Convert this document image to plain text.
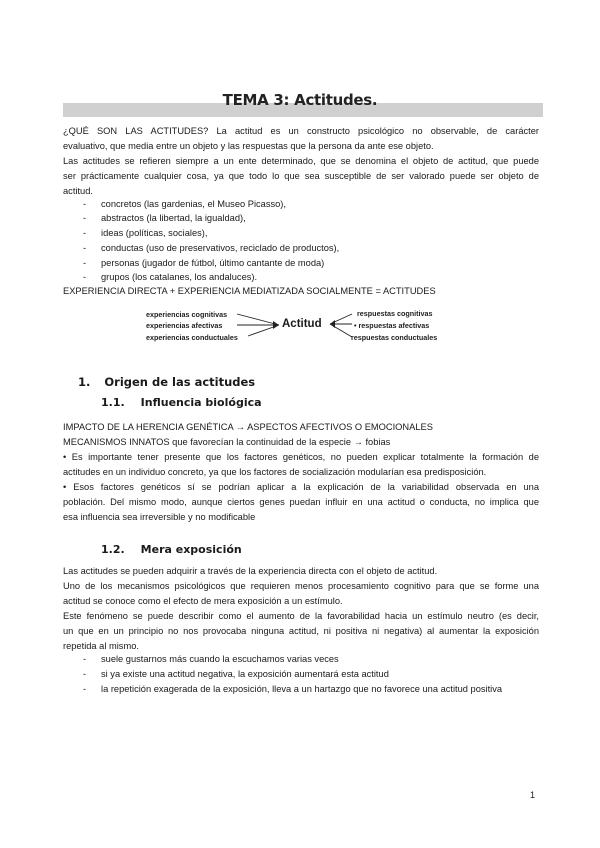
TEMA 3: Actitudes.
¿QUÉ SON LAS ACTITUDES? La actitud es un constructo psicológico no observable, de carácter
evaluativo, que media entre un objeto y las respuestas que la persona da ante ese objeto.
Las actitudes se refieren siempre a un ente determinado, que se denomina el objeto de actitud, que puede
ser prácticamente cualquier cosa, ya que todo lo que sea susceptible de ser valorado puede ser objeto de
actitud.
- concretos (las gardenias, el Museo Picasso),
- abstractos (la libertad, la igualdad),
- ideas (políticas, sociales),
- conductas (uso de preservativos, reciclado de productos),
- personas (jugador de fútbol, último cantante de moda)
- grupos (los catalanes, los andaluces).
EXPERIENCIA DIRECTA + EXPERIENCIA MEDIATIZADA SOCIALMENTE = ACTITUDES
experiencias cognitivas
experiencias afectivas
experiencias conductuales
Actitud
respuestas cognitivas
• respuestas afectivas
respuestas conductuales
1. Origen de las actitudes
1.1. Influencia biológica
IMPACTO DE LA HERENCIA GENÉTICA → ASPECTOS AFECTIVOS O EMOCIONALES
MECANISMOS INNATOS que favorecían la continuidad de la especie → fobias
• Es importante tener presente que los factores genéticos, no pueden explicar totalmente la formación de
actitudes en un individuo concreto, ya que los factores de socialización modularían esa predisposición.
• Esos factores genéticos sí se podrían aplicar a la explicación de la variabilidad observada en una
población. Del mismo modo, aunque ciertos genes puedan influir en una actitud o conducta, no implica que
esa influencia sea irreversible y no modificable
1.2. Mera exposición
Las actitudes se pueden adquirir a través de la experiencia directa con el objeto de actitud.
Uno de los mecanismos psicológicos que requieren menos procesamiento cognitivo para que se forme una
actitud se conoce como el efecto de mera exposición a un estímulo.
Este fenómeno se puede describir como el aumento de la favorabilidad hacia un estímulo neutro (es decir,
un que en un principio no nos provocaba ninguna actitud, ni positiva ni negativa) al aumentar la exposición
repetida al mismo.
- suele gustarnos más cuando la escuchamos varias veces
- si ya existe una actitud negativa, la exposición aumentará esta actitud
- la repetición exagerada de la exposición, lleva a un hartazgo que no favorece una actitud positiva
1
